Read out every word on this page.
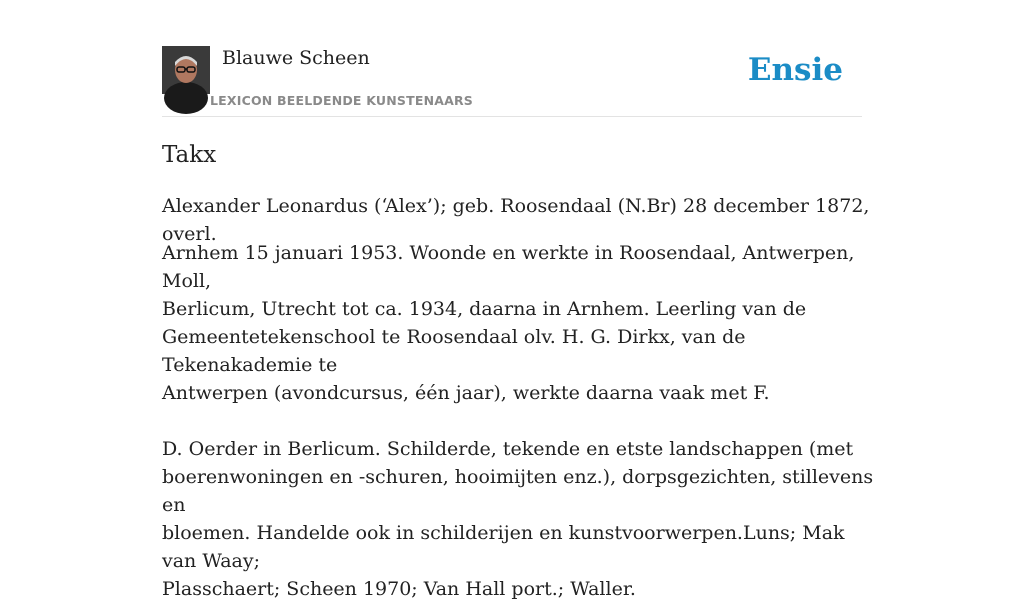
Blauwe Scheen
LEXICON BEELDENDE KUNSTENAARS
Ensie
Takx

Alexander Leonardus (‘Alex’); geb. Roosendaal (N.Br) 28 december 1872, overl.

Arnhem 15 januari 1953. Woonde en werkte in Roosendaal, Antwerpen, Moll,
Berlicum, Utrecht tot ca. 1934, daarna in Arnhem. Leerling van de
Gemeentetekenschool te Roosendaal olv. H. G. Dirkx, van de Tekenakademie te
Antwerpen (avondcursus, één jaar), werkte daarna vaak met F.

D. Oerder in Berlicum. Schilderde, tekende en etste landschappen (met
boerenwoningen en -schuren, hooimijten enz.), dorpsgezichten, stillevens en
bloemen. Handelde ook in schilderijen en kunstvoorwerpen.Luns; Mak van Waay;
Plasschaert; Scheen 1970; Van Hall port.; Waller.
